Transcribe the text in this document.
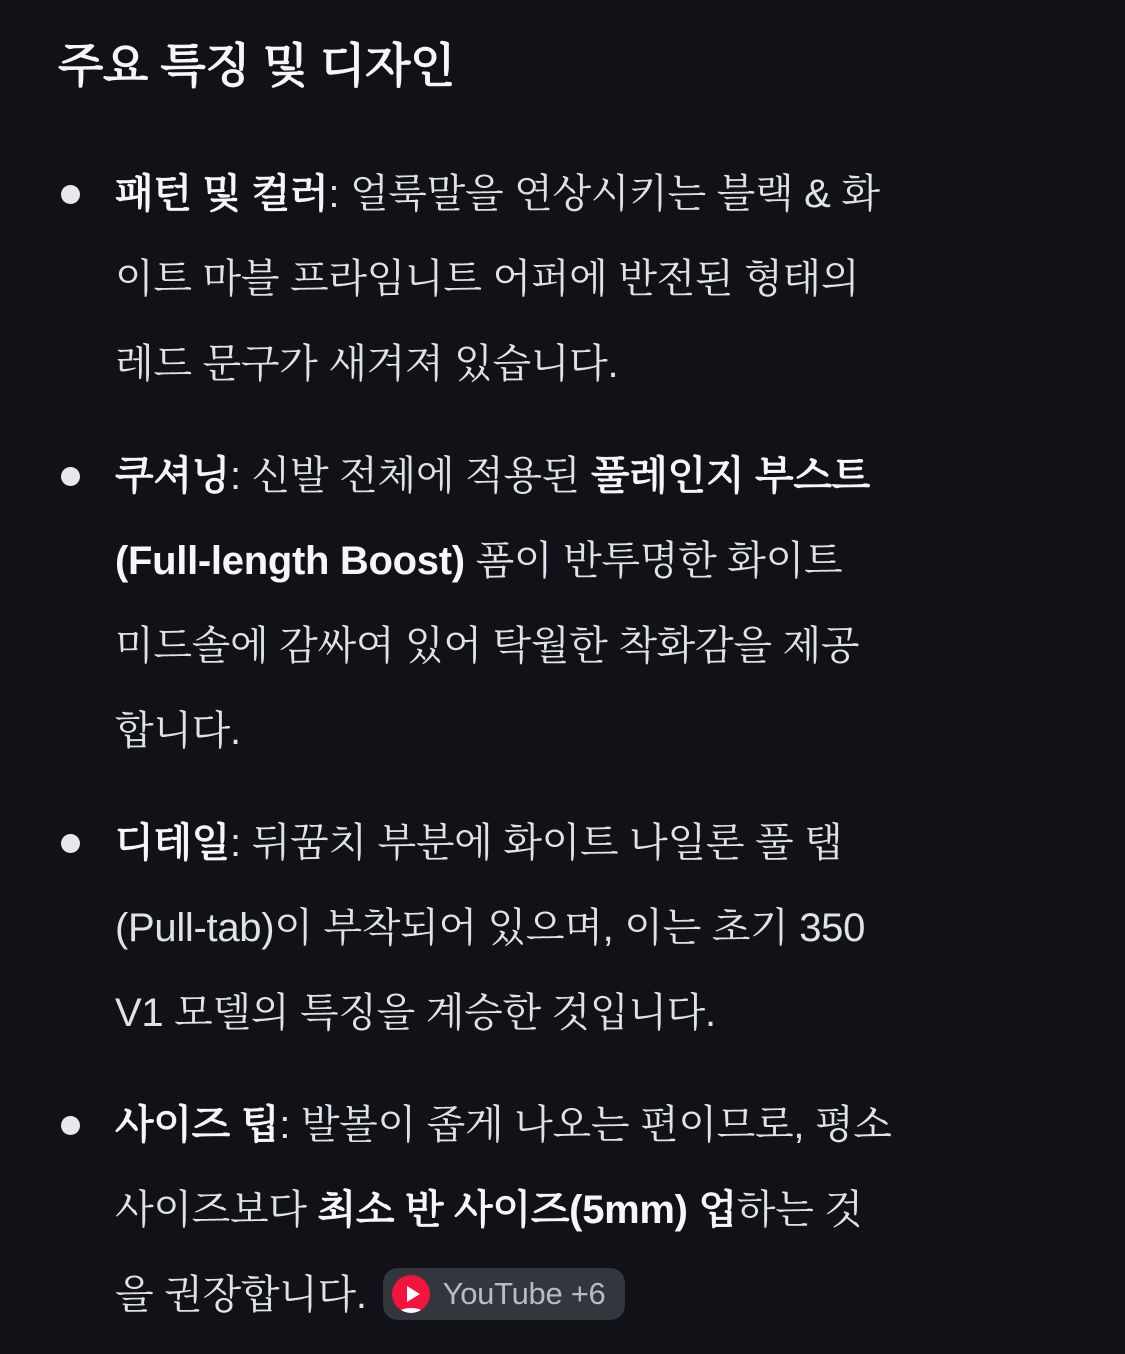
주요 특징 및 디자인

패턴 및 컬러: 얼룩말을 연상시키는 블랙 & 화
이트 마블 프라임니트 어퍼에 반전된 형태의
레드 문구가 새겨져 있습니다.

쿠셔닝: 신발 전체에 적용된 풀레인지 부스트
(Full-length Boost) 폼이 반투명한 화이트
미드솔에 감싸여 있어 탁월한 착화감을 제공
합니다.

디테일: 뒤꿈치 부분에 화이트 나일론 풀 탭
(Pull-tab)이 부착되어 있으며, 이는 초기 350
V1 모델의 특징을 계승한 것입니다.

사이즈 팁: 발볼이 좁게 나오는 편이므로, 평소
사이즈보다 최소 반 사이즈(5mm) 업하는 것
을 권장합니다. YouTube +6
